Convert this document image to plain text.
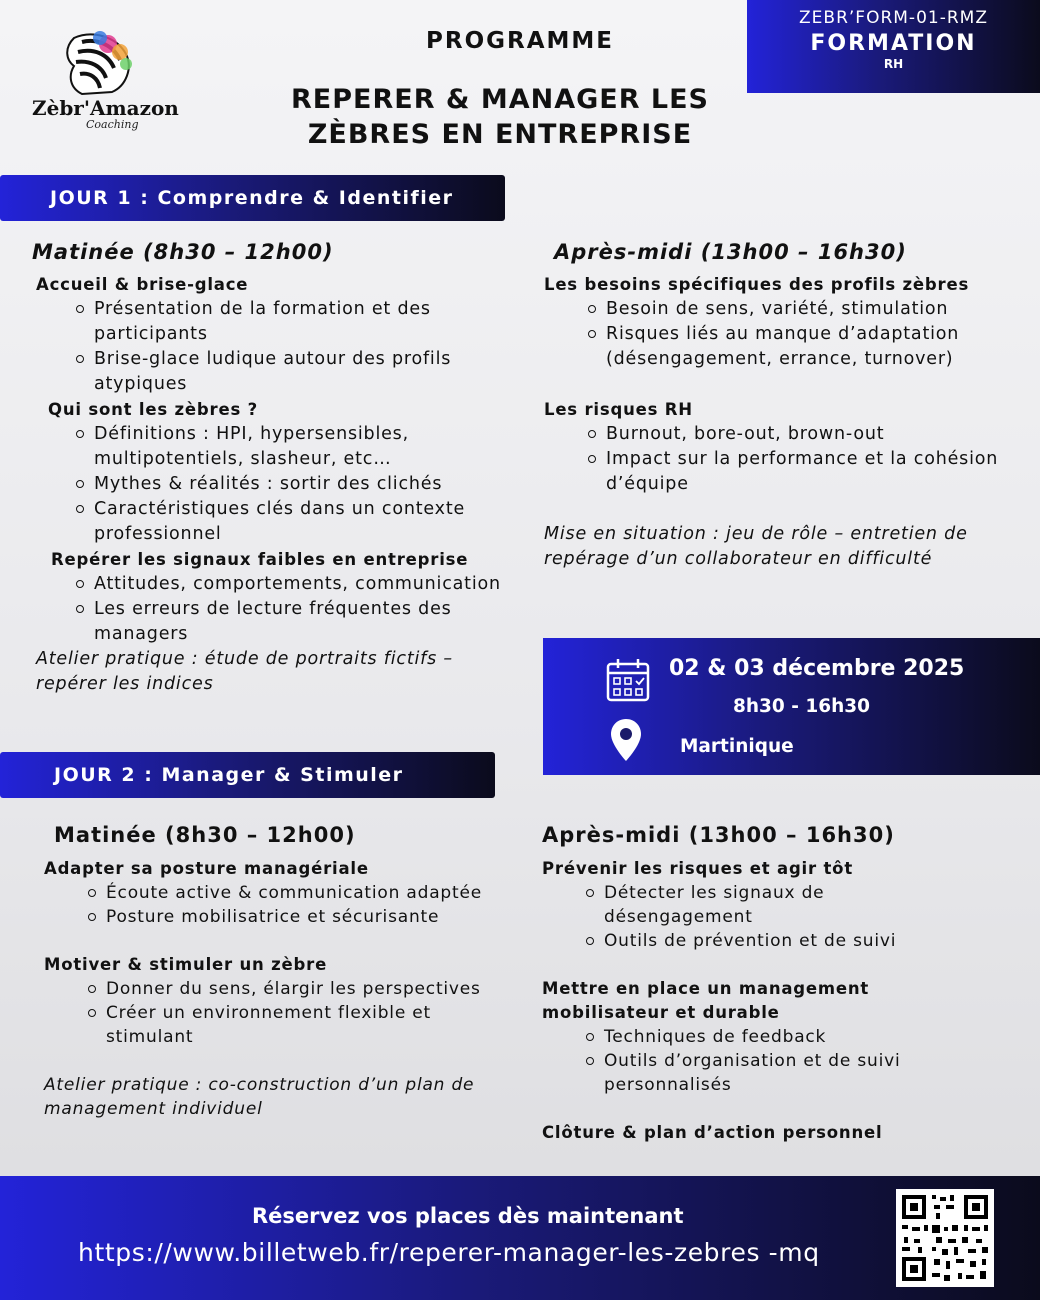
Zèbr'Amazon
Coaching
PROGRAMME
REPERER & MANAGER LES
ZÈBRES EN ENTREPRISE
ZEBR’FORM-01-RMZ
FORMATION
RH
JOUR 1 : Comprendre & Identifier
Matinée (8h30 – 12h00)
Accueil & brise-glace
Présentation de la formation et des participants
Brise-glace ludique autour des profils atypiques
Qui sont les zèbres ?
Définitions : HPI, hypersensibles, multipotentiels, slasheur, etc…
Mythes & réalités : sortir des clichés
Caractéristiques clés dans un contexte professionnel
Repérer les signaux faibles en entreprise
Attitudes, comportements, communication
Les erreurs de lecture fréquentes des managers
Atelier pratique : étude de portraits fictifs – repérer les indices
Après-midi (13h00 – 16h30)
Les besoins spécifiques des profils zèbres
Besoin de sens, variété, stimulation
Risques liés au manque d’adaptation (désengagement, errance, turnover)
Les risques RH
Burnout, bore-out, brown-out
Impact sur la performance et la cohésion d’équipe
Mise en situation : jeu de rôle – entretien de repérage d’un collaborateur en difficulté
02 & 03 décembre 2025
8h30 - 16h30
Martinique
JOUR 2 : Manager & Stimuler
Matinée (8h30 – 12h00)
Adapter sa posture managériale
Écoute active & communication adaptée
Posture mobilisatrice et sécurisante
Motiver & stimuler un zèbre
Donner du sens, élargir les perspectives
Créer un environnement flexible et stimulant
Atelier pratique : co-construction d’un plan de management individuel
Après-midi (13h00 – 16h30)
Prévenir les risques et agir tôt
Détecter les signaux de désengagement
Outils de prévention et de suivi
Mettre en place un management mobilisateur et durable
Techniques de feedback
Outils d’organisation et de suivi personnalisés
Clôture & plan d’action personnel
Réservez vos places dès maintenant
https://www.billetweb.fr/reperer-manager-les-zebres -mq
